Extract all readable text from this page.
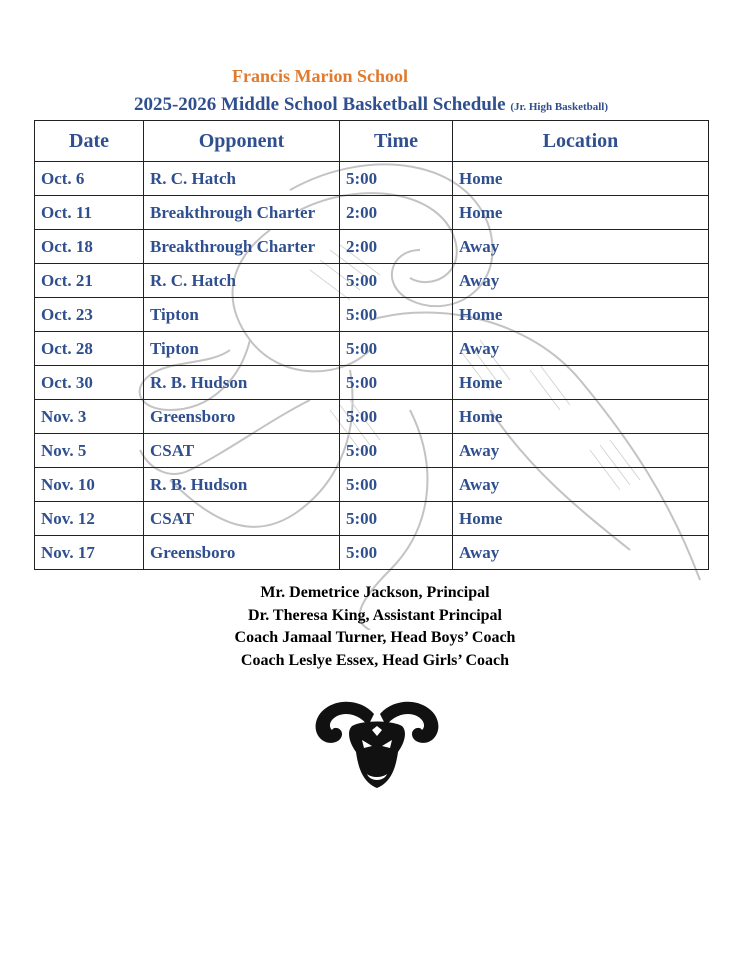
Francis Marion School
2025-2026 Middle School Basketball Schedule (Jr. High Basketball)
Date	Opponent	Time	Location
Oct. 6	R. C. Hatch	5:00	Home
Oct. 11	Breakthrough Charter	2:00	Home
Oct. 18	Breakthrough Charter	2:00	Away
Oct. 21	R. C. Hatch	5:00	Away
Oct. 23	Tipton	5:00	Home
Oct. 28	Tipton	5:00	Away
Oct. 30	R. B. Hudson	5:00	Home
Nov. 3	Greensboro	5:00	Home
Nov. 5	CSAT	5:00	Away
Nov. 10	R. B. Hudson	5:00	Away
Nov. 12	CSAT	5:00	Home
Nov. 17	Greensboro	5:00	Away
Mr. Demetrice Jackson, Principal
Dr. Theresa King, Assistant Principal
Coach Jamaal Turner, Head Boys’ Coach
Coach Leslye Essex, Head Girls’ Coach
